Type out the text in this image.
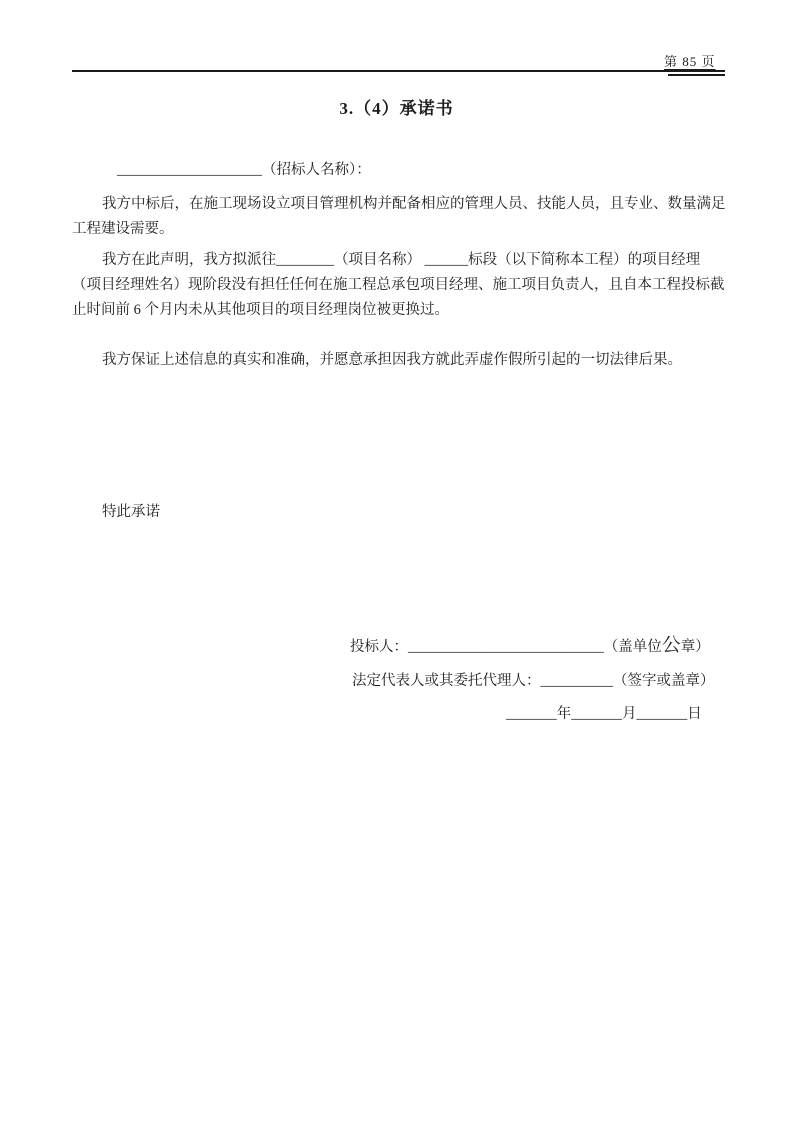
第 85 页
3.（4）承诺书
____________________（招标人名称）：
我方中标后，在施工现场设立项目管理机构并配备相应的管理人员、技能人员，且专业、数量满足
工程建设需要。
我方在此声明，我方拟派往________（项目名称） ______标段（以下简称本工程）的项目经理
（项目经理姓名）现阶段没有担任任何在施工程总承包项目经理、施工项目负责人，且自本工程投标截
止时间前 6 个月内未从其他项目的项目经理岗位被更换过。
我方保证上述信息的真实和准确，并愿意承担因我方就此弄虚作假所引起的一切法律后果。
特此承诺
投标人：___________________________（盖单位公章）
法定代表人或其委托代理人：__________（签字或盖章）
_______年_______月_______日
